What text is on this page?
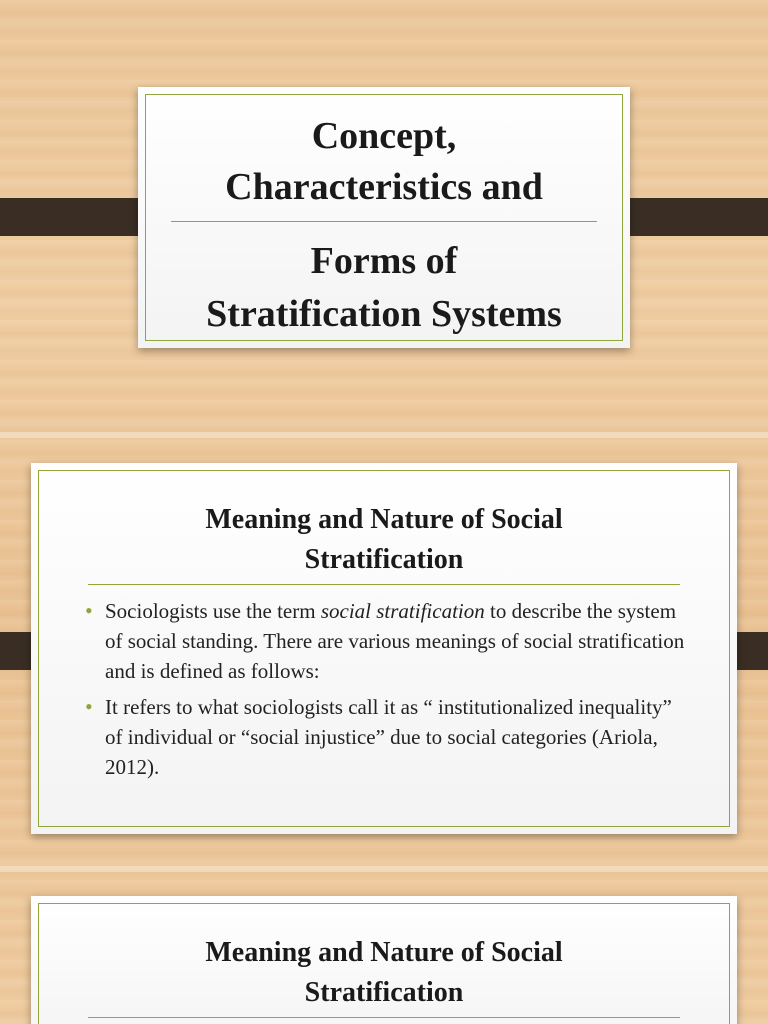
Concept,
Characteristics and
Forms of
Stratification Systems
Meaning and Nature of Social
Stratification
• Sociologists use the term social stratification to describe the system of social standing. There are various meanings of social stratification and is defined as follows:
• It refers to what sociologists call it as “ institutionalized inequality” of individual or “social injustice” due to social categories (Ariola, 2012).
Meaning and Nature of Social
Stratification
